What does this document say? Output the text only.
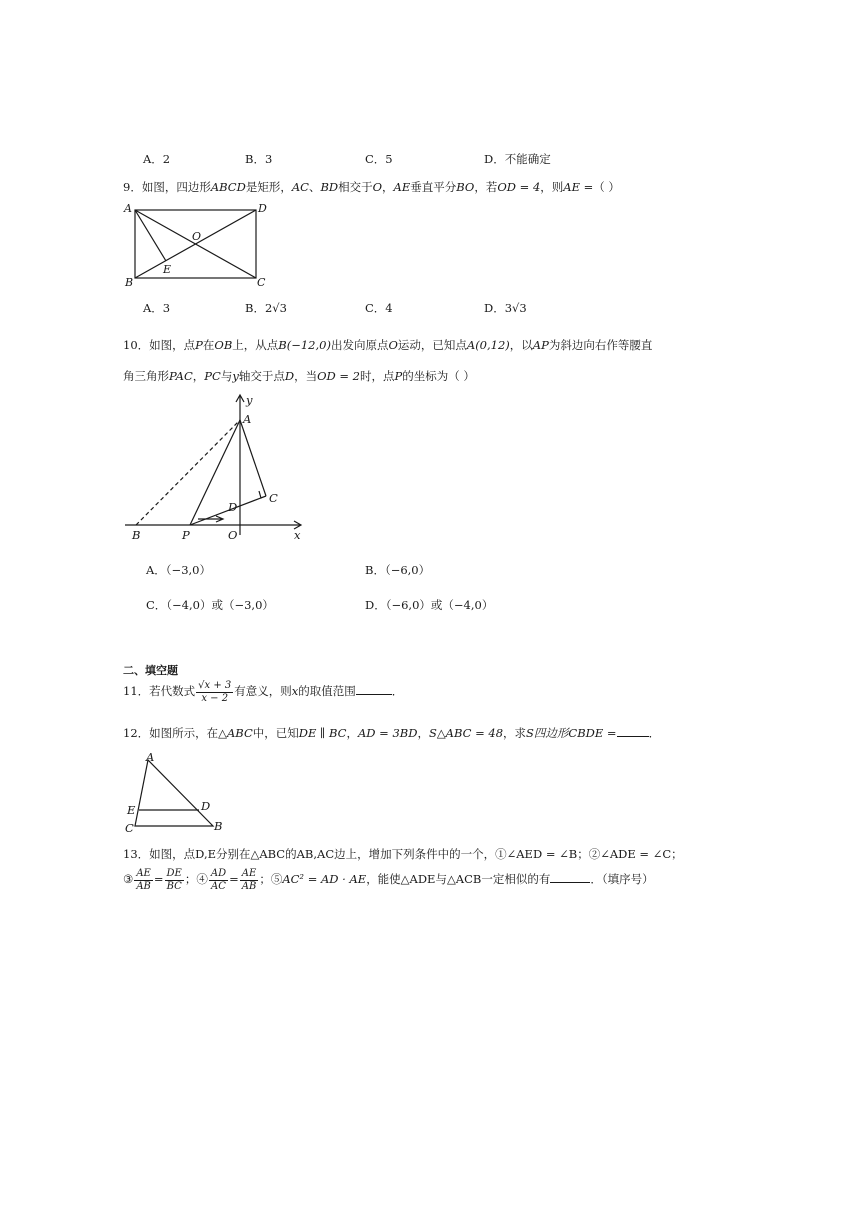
A．2	B．3	C．5	D．不能确定
9．如图，四边形ABCD是矩形，AC、BD相交于O，AE垂直平分BO，若OD = 4，则AE =（ ）
A	D
O
B
E
C
A．3	B．2√3	C．4	D．3√3
10．如图，点P在OB上，从点B(−12,0)出发向原点O运动，已知点A(0,12)，以AP为斜边向右作等腰直
角三角形PAC，PC与y轴交于点D，当OD = 2时，点P的坐标为（ ）
y
A
C
D
B	P	O	x
A．（−3,0）	B．（−6,0）
C．（−4,0）或（−3,0）	D．（−6,0）或（−4,0）
二、填空题
11．若代数式 $\frac{√x + 3}{x - 2}$ 有意义，则x的取值范围	．
12．如图所示，在△ABC中，已知DE ∥ BC，AD = 3BD，S△ABC = 48，求S四边形CBDE =	．
A
E	D
C	B
13．如图，点D,E分别在△ABC的AB,AC边上，增加下列条件中的一个，①∠AED = ∠B；②∠ADE = ∠C；
③ $\frac{AE}{AB} = \frac{DE}{BC}$ ；④ $\frac{AD}{AC} = \frac{AE}{AB}$ ；⑤AC² = AD · AE，能使△ADE与△ACB一定相似的有	．（填序号）
